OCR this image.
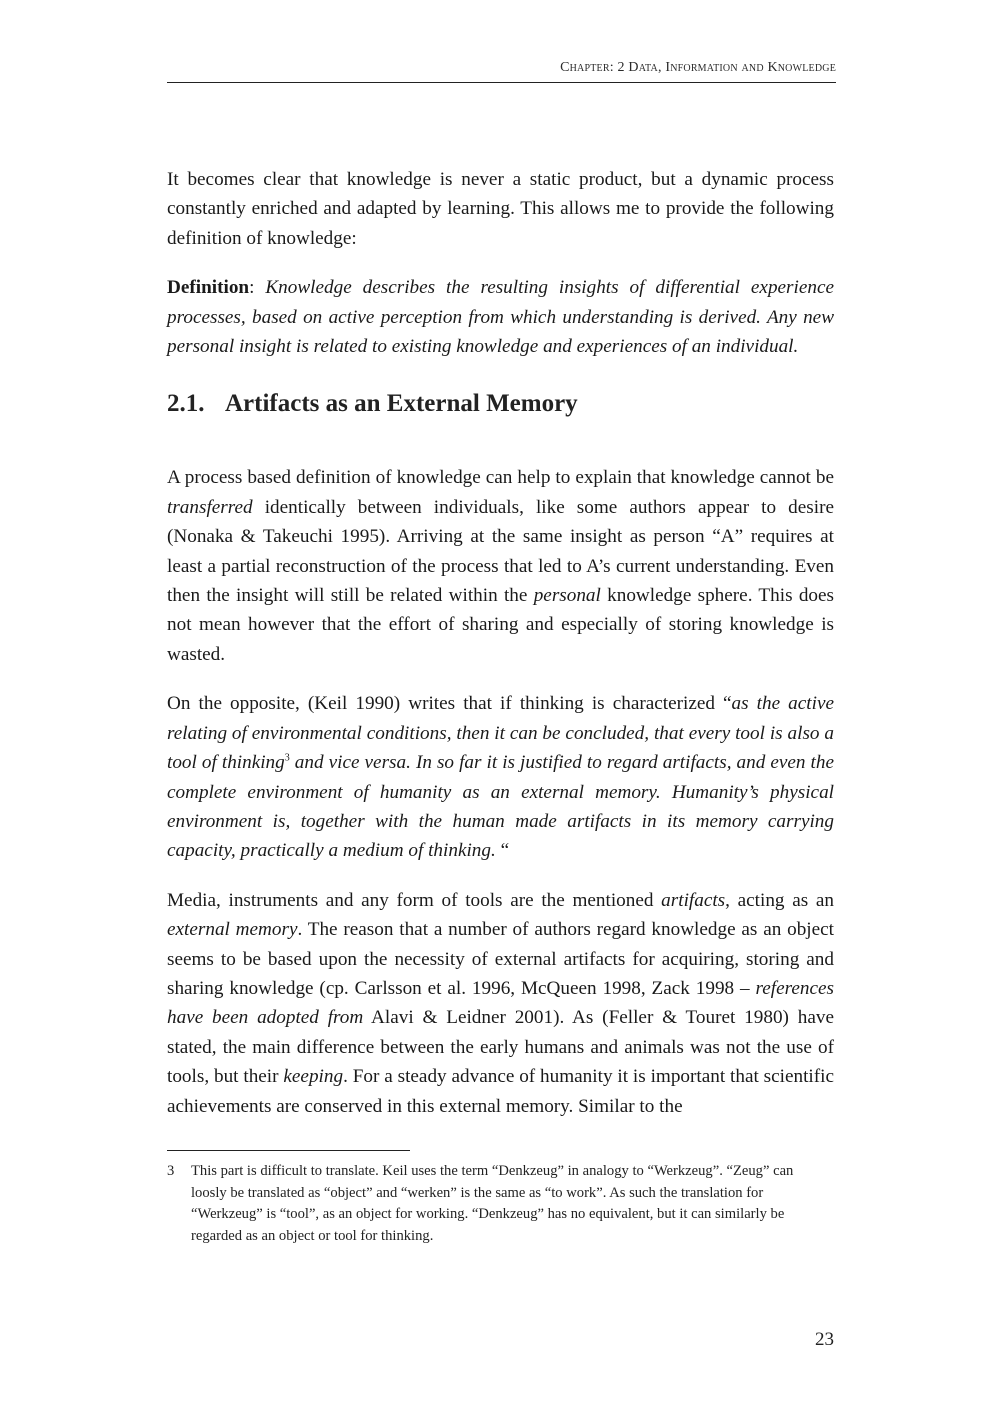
Chapter: 2 Data, Information and Knowledge

It becomes clear that knowledge is never a static product, but a dynamic process constantly enriched and adapted by learning. This allows me to provide the following definition of knowledge:

Definition: Knowledge describes the resulting insights of differential experience processes, based on active perception from which understanding is derived. Any new personal insight is related to existing knowledge and experiences of an individual.

2.1. Artifacts as an External Memory

A process based definition of knowledge can help to explain that knowledge cannot be transferred identically between individuals, like some authors appear to desire (Nonaka & Takeuchi 1995). Arriving at the same insight as person “A” requires at least a partial reconstruction of the process that led to A’s current understanding. Even then the insight will still be related within the personal knowledge sphere. This does not mean however that the effort of sharing and especially of storing knowledge is wasted.

On the opposite, (Keil 1990) writes that if thinking is characterized “as the active relating of environmental conditions, then it can be concluded, that every tool is also a tool of thinking$^3$ and vice versa. In so far it is justified to regard artifacts, and even the complete environment of humanity as an external memory. Humanity’s physical environment is, together with the human made artifacts in its memory carrying capacity, practically a medium of thinking. “

Media, instruments and any form of tools are the mentioned artifacts, acting as an external memory. The reason that a number of authors regard knowledge as an object seems to be based upon the necessity of external artifacts for acquiring, storing and sharing knowledge (cp. Carlsson et al. 1996, McQueen 1998, Zack 1998 – references have been adopted from Alavi & Leidner 2001). As (Feller & Touret 1980) have stated, the main difference between the early humans and animals was not the use of tools, but their keeping. For a steady advance of humanity it is important that scientific achievements are conserved in this external memory. Similar to the

3 This part is difficult to translate. Keil uses the term “Denkzeug” in analogy to “Werkzeug”. “Zeug” can loosly be translated as “object” and “werken” is the same as “to work”. As such the translation for “Werkzeug” is “tool”, as an object for working. “Denkzeug” has no equivalent, but it can similarly be regarded as an object or tool for thinking.
23
